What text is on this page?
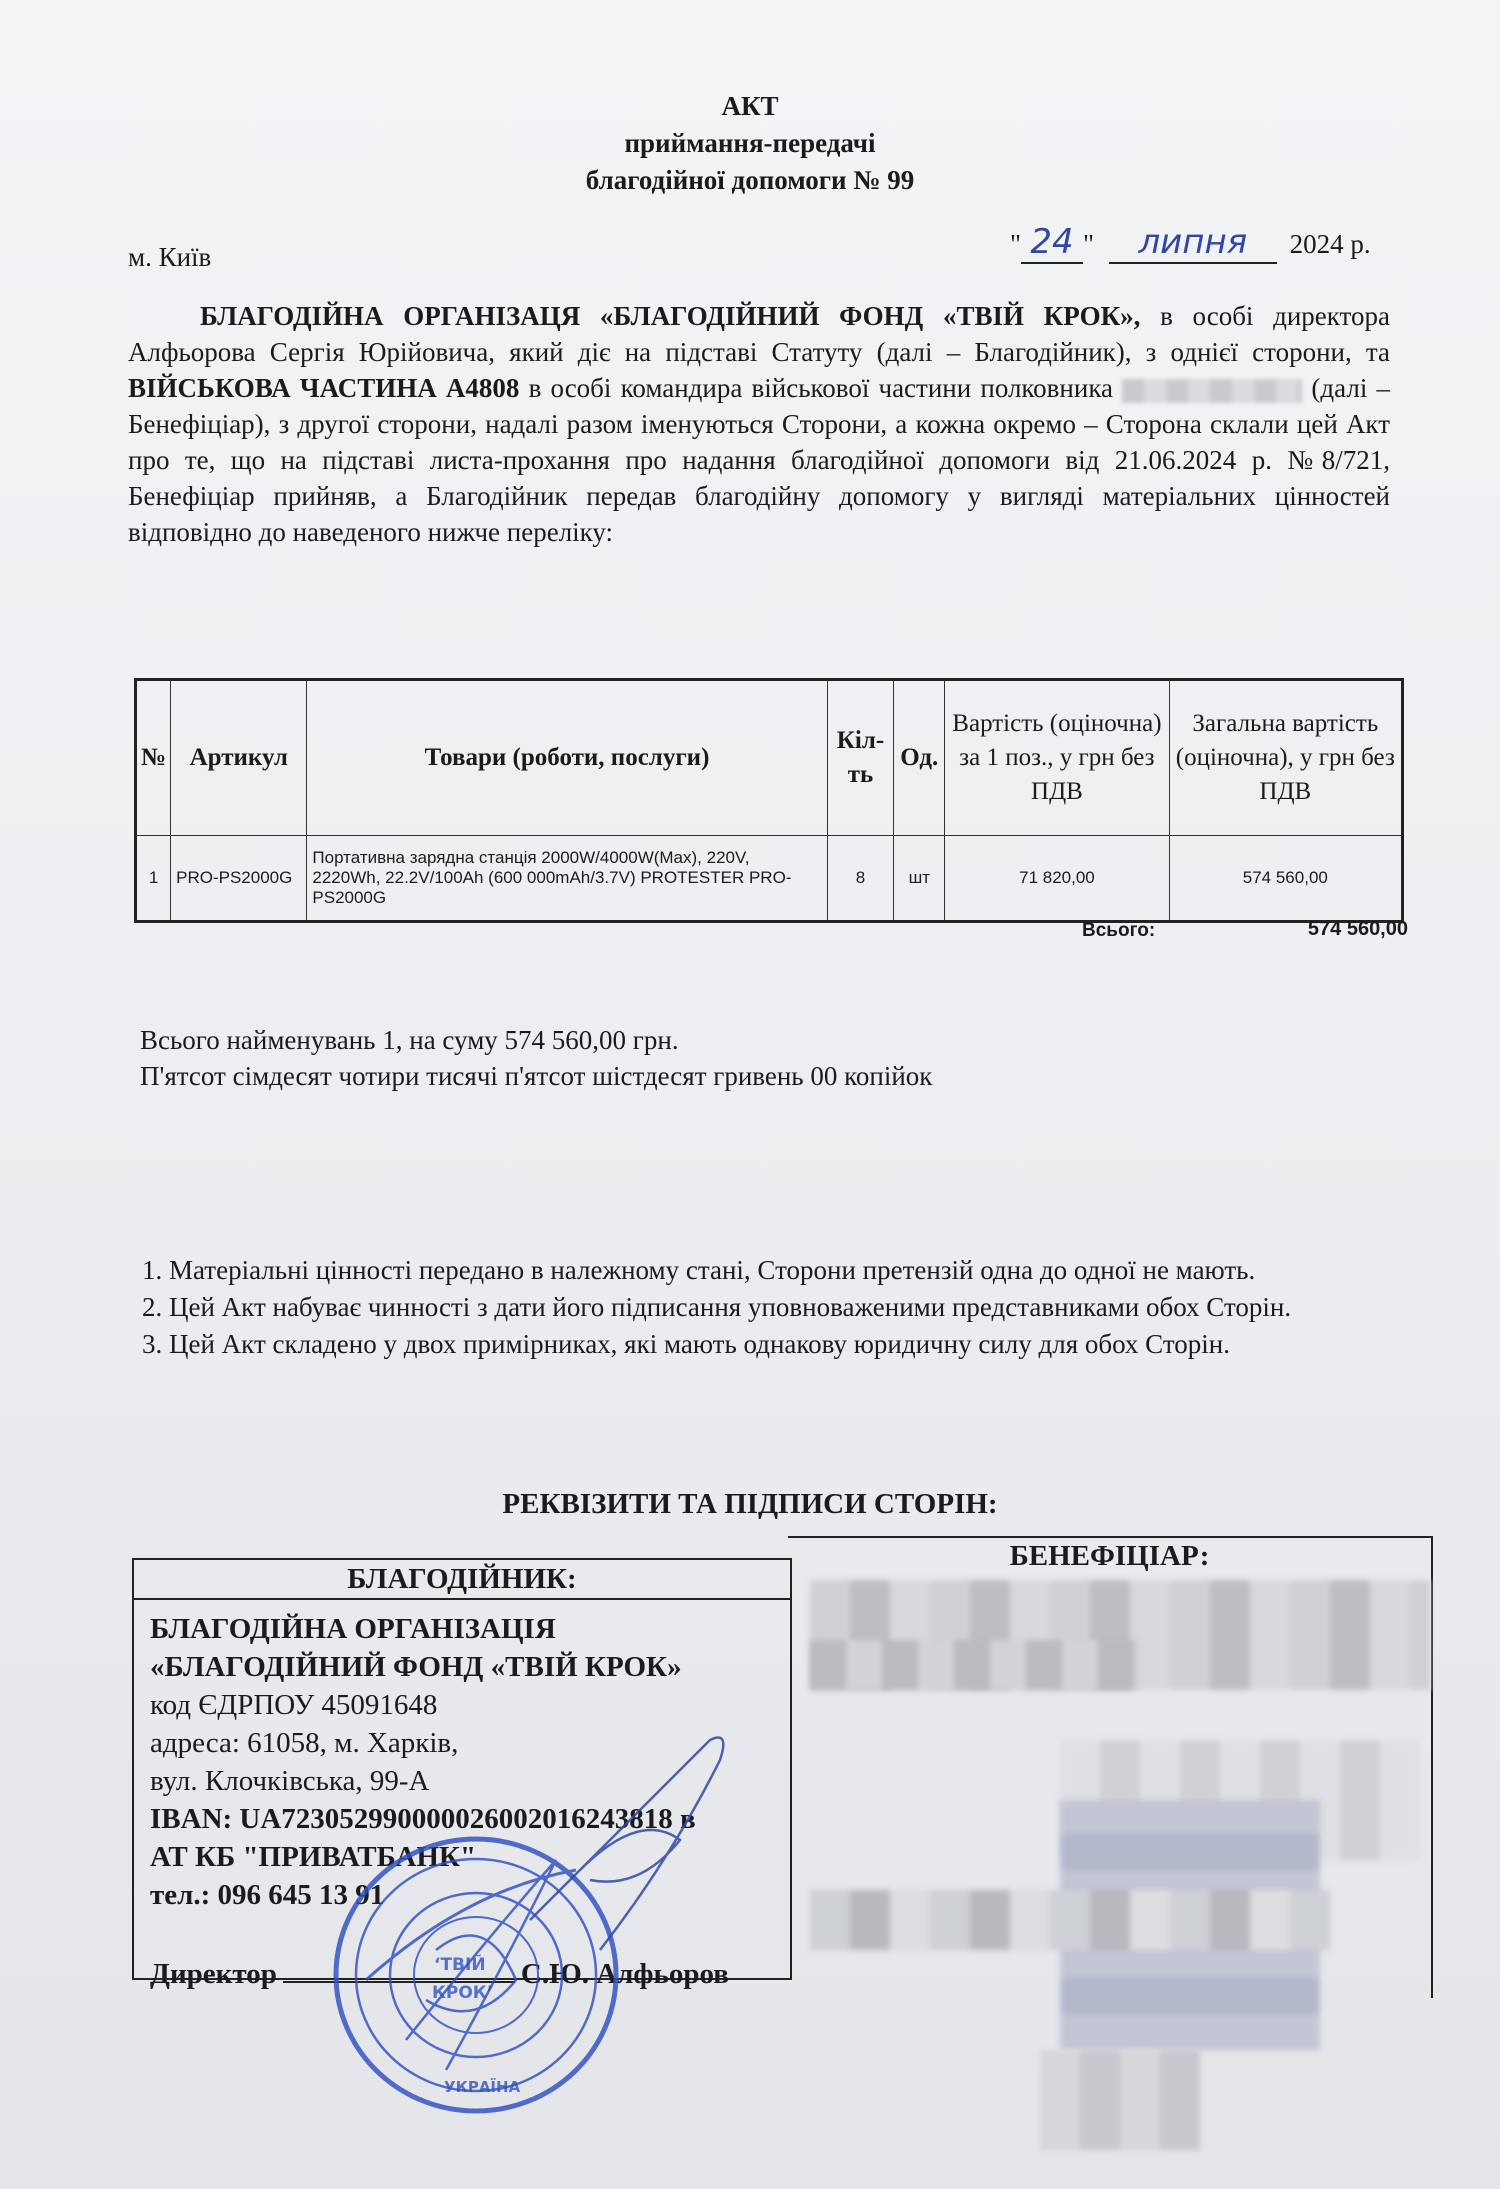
АКТ
приймання-передачі
благодійної допомоги № 99
м. Київ	" 24 " липня 2024 р.

БЛАГОДІЙНА ОРГАНІЗАЦЯ «БЛАГОДІЙНИЙ ФОНД «ТВІЙ КРОК», в особі директора Алфьорова Сергія Юрійовича, який діє на підставі Статуту (далі – Благодійник), з однієї сторони, та ВІЙСЬКОВА ЧАСТИНА А4808 в особі командира військової частини полковника	(далі – Бенефіціар), з другої сторони, надалі разом іменуються Сторони, а кожна окремо – Сторона склали цей Акт про те, що на підставі листа-прохання про надання благодійної допомоги від 21.06.2024 р. №8/721, Бенефіціар прийняв, а Благодійник передав благодійну допомогу у вигляді матеріальних цінностей відповідно до наведеного нижче переліку:

№	Артикул	Товари (роботи, послуги)	Кіл-ть	Од.	Вартість (оціночна) за 1 поз., у грн без ПДВ	Загальна вартість (оціночна), у грн без ПДВ
1	PRO-PS2000G	Портативна зарядна станція 2000W/4000W(Max), 220V, 2220Wh, 22.2V/100Ah (600 000mAh/3.7V) PROTESTER PRO-PS2000G	8	шт	71 820,00	574 560,00
Всього:	574 560,00
Всього найменувань 1, на суму 574 560,00 грн.
П'ятсот сімдесят чотири тисячі п'ятсот шістдесят гривень 00 копійок

1. Матеріальні цінності передано в належному стані, Сторони претензій одна до одної не мають.

2. Цей Акт набуває чинності з дати його підписання уповноваженими представниками обох Сторін.

3. Цей Акт складено у двох примірниках, які мають однакову юридичну силу для обох Сторін.

РЕКВІЗИТИ ТА ПІДПИСИ СТОРІН:
БЛАГОДІЙНИК:
БЛАГОДІЙНА ОРГАНІЗАЦІЯ
«БЛАГОДІЙНИЙ ФОНД «ТВІЙ КРОК»
код ЄДРПОУ 45091648
адреса: 61058, м. Харків,
вул. Клочківська, 99-А
IBAN: UA723052990000026002016243818 в
АТ КБ "ПРИВАТБАНК"
тел.: 096 645 13 91
Директор	С.Ю. Алфьоров
БЕНЕФІЦІАР:
‘ТВІЙ
КРОК’
УКРАЇНА
